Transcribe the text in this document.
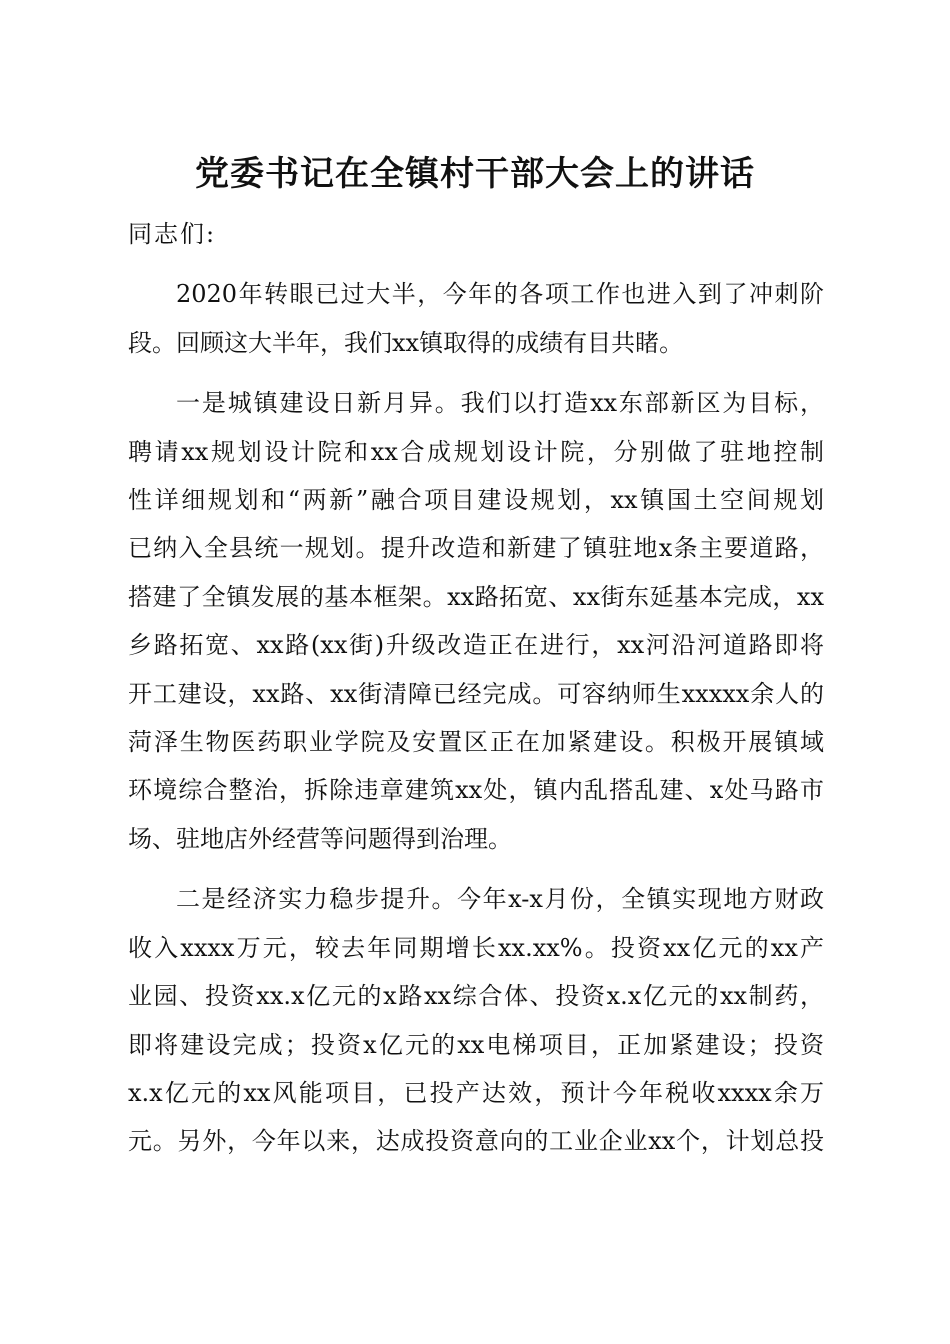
党委书记在全镇村干部大会上的讲话

同志们:

2020年转眼已过大半，今年的各项工作也进入到了冲刺阶
段。回顾这大半年，我们xx镇取得的成绩有目共睹。
一是城镇建设日新月异。我们以打造xx东部新区为目标，
聘请xx规划设计院和xx合成规划设计院，分别做了驻地控制
性详细规划和“两新”融合项目建设规划，xx镇国土空间规划
已纳入全县统一规划。提升改造和新建了镇驻地x条主要道路，
搭建了全镇发展的基本框架。xx路拓宽、xx街东延基本完成，xx
乡路拓宽、xx路(xx街)升级改造正在进行，xx河沿河道路即将
开工建设，xx路、xx街清障已经完成。可容纳师生xxxxx余人的
菏泽生物医药职业学院及安置区正在加紧建设。积极开展镇域
环境综合整治，拆除违章建筑xx处，镇内乱搭乱建、x处马路市
场、驻地店外经营等问题得到治理。
二是经济实力稳步提升。今年x-x月份，全镇实现地方财政
收入xxxx万元，较去年同期增长xx.xx%。投资xx亿元的xx产
业园、投资xx.x亿元的x路xx综合体、投资x.x亿元的xx制药，
即将建设完成；投资x亿元的xx电梯项目，正加紧建设；投资
x.x亿元的xx风能项目，已投产达效，预计今年税收xxxx余万
元。另外，今年以来，达成投资意向的工业企业xx个，计划总投
